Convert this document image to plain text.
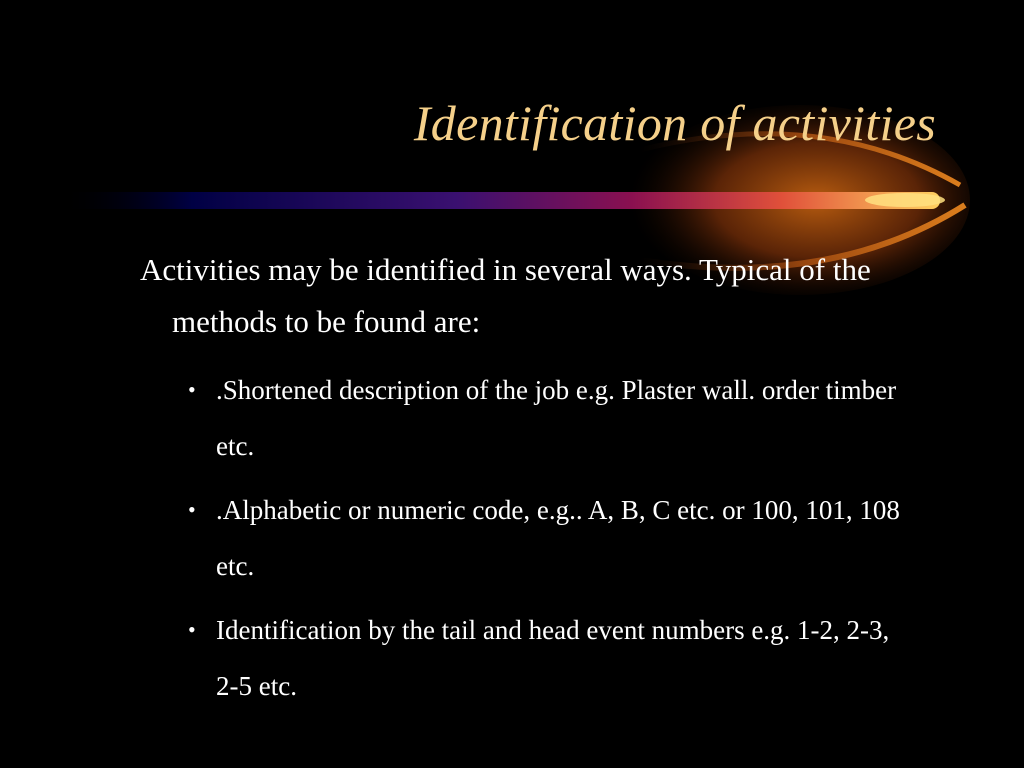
Identification of activities

Activities may be identified in several ways. Typical of the methods to be found are:

• .Shortened description of the job e.g. Plaster wall. order timber etc.
• .Alphabetic or numeric code, e.g.. A, B, C etc. or 100, 101, 108 etc.
• Identification by the tail and head event numbers e.g. 1-2, 2-3, 2-5 etc.
